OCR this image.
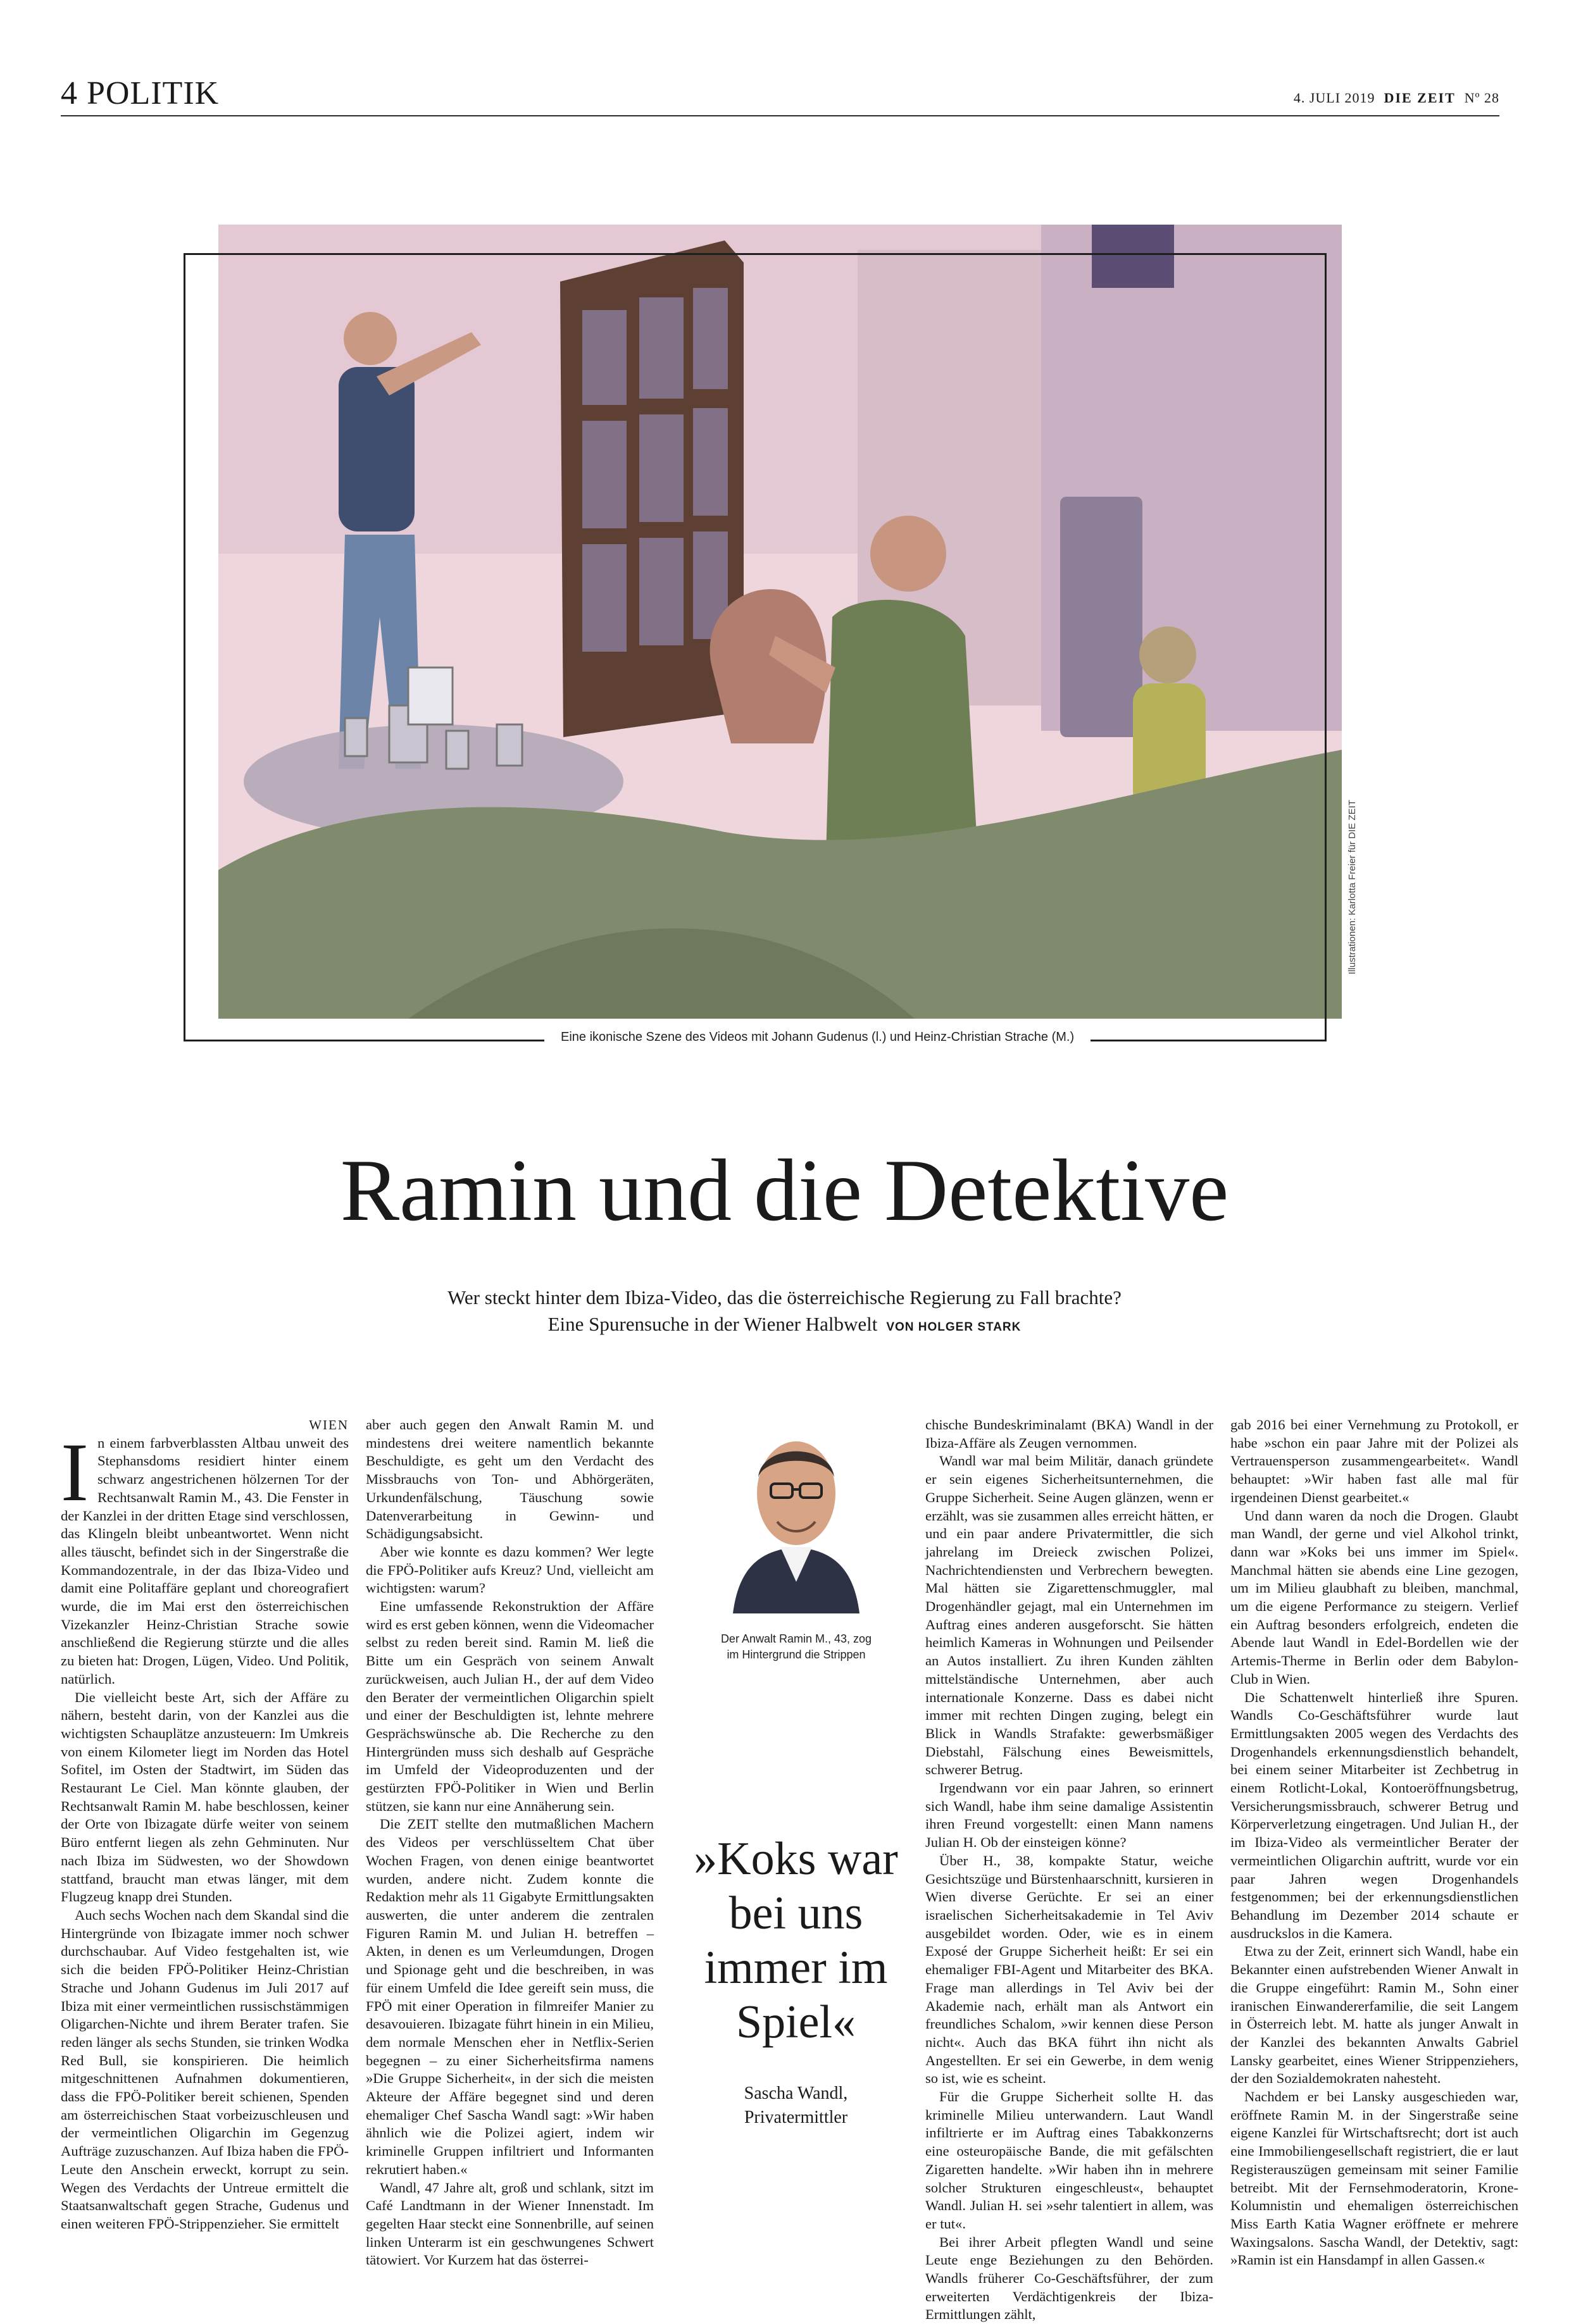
4 POLITIK	4. JULI 2019 DIE ZEIT Nº 28
Illustrationen: Karlotta Freier für DIE ZEIT
Eine ikonische Szene des Videos mit Johann Gudenus (l.) und Heinz-Christian Strache (M.)
Ramin und die Detektive
Wer steckt hinter dem Ibiza-Video, das die österreichische Regierung zu Fall brachte?
Eine Spurensuche in der Wiener Halbwelt VON HOLGER STARK
WIEN

In einem farbverblassten Altbau unweit des Stephansdoms residiert hinter einem schwarz angestrichenen hölzernen Tor der Rechtsanwalt Ramin M., 43. Die Fenster in der Kanzlei in der dritten Etage sind verschlossen, das Klingeln bleibt unbeantwortet. Wenn nicht alles täuscht, befindet sich in der Singerstraße die Kommandozentrale, in der das Ibiza-Video und damit eine Politaffäre geplant und choreografiert wurde, die im Mai erst den österreichischen Vizekanzler Heinz-Christian Strache sowie anschließend die Regierung stürzte und die alles zu bieten hat: Drogen, Lügen, Video. Und Politik, natürlich.

Die vielleicht beste Art, sich der Affäre zu nähern, besteht darin, von der Kanzlei aus die wichtigsten Schauplätze anzusteuern: Im Umkreis von einem Kilometer liegt im Norden das Hotel Sofitel, im Osten der Stadtwirt, im Süden das Restaurant Le Ciel. Man könnte glauben, der Rechtsanwalt Ramin M. habe beschlossen, keiner der Orte von Ibizagate dürfe weiter von seinem Büro entfernt liegen als zehn Gehminuten. Nur nach Ibiza im Südwesten, wo der Showdown stattfand, braucht man etwas länger, mit dem Flugzeug knapp drei Stunden.

Auch sechs Wochen nach dem Skandal sind die Hintergründe von Ibizagate immer noch schwer durchschaubar. Auf Video festgehalten ist, wie sich die beiden FPÖ-Politiker Heinz-Christian Strache und Johann Gudenus im Juli 2017 auf Ibiza mit einer vermeintlichen russischstämmigen Oligarchen-Nichte und ihrem Berater trafen. Sie reden länger als sechs Stunden, sie trinken Wodka Red Bull, sie konspirieren. Die heimlich mitgeschnittenen Aufnahmen dokumentieren, dass die FPÖ-Politiker bereit schienen, Spenden am österreichischen Staat vorbeizuschleusen und der vermeintlichen Oligarchin im Gegenzug Aufträge zuzuschanzen. Auf Ibiza haben die FPÖ-Leute den Anschein erweckt, korrupt zu sein. Wegen des Verdachts der Untreue ermittelt die Staatsanwaltschaft gegen Strache, Gudenus und einen weiteren FPÖ-Strippenzieher. Sie ermittelt

aber auch gegen den Anwalt Ramin M. und mindestens drei weitere namentlich bekannte Beschuldigte, es geht um den Verdacht des Missbrauchs von Ton- und Abhörgeräten, Urkundenfälschung, Täuschung sowie Datenverarbeitung in Gewinn- und Schädigungsabsicht.

Aber wie konnte es dazu kommen? Wer legte die FPÖ-Politiker aufs Kreuz? Und, vielleicht am wichtigsten: warum?

Eine umfassende Rekonstruktion der Affäre wird es erst geben können, wenn die Videomacher selbst zu reden bereit sind. Ramin M. ließ die Bitte um ein Gespräch von seinem Anwalt zurückweisen, auch Julian H., der auf dem Video den Berater der vermeintlichen Oligarchin spielt und einer der Beschuldigten ist, lehnte mehrere Gesprächswünsche ab. Die Recherche zu den Hintergründen muss sich deshalb auf Gespräche im Umfeld der Videoproduzenten und der gestürzten FPÖ-Politiker in Wien und Berlin stützen, sie kann nur eine Annäherung sein.

Die ZEIT stellte den mutmaßlichen Machern des Videos per verschlüsseltem Chat über Wochen Fragen, von denen einige beantwortet wurden, andere nicht. Zudem konnte die Redaktion mehr als 11 Gigabyte Ermittlungsakten auswerten, die unter anderem die zentralen Figuren Ramin M. und Julian H. betreffen – Akten, in denen es um Verleumdungen, Drogen und Spionage geht und die beschreiben, in was für einem Umfeld die Idee gereift sein muss, die FPÖ mit einer Operation in filmreifer Manier zu desavouieren. Ibizagate führt hinein in ein Milieu, dem normale Menschen eher in Netflix-Serien begegnen – zu einer Sicherheitsfirma namens »Die Gruppe Sicherheit«, in der sich die meisten Akteure der Affäre begegnet sind und deren ehemaliger Chef Sascha Wandl sagt: »Wir haben ähnlich wie die Polizei agiert, indem wir kriminelle Gruppen infiltriert und Informanten rekrutiert haben.«

Wandl, 47 Jahre alt, groß und schlank, sitzt im Café Landtmann in der Wiener Innenstadt. Im gegelten Haar steckt eine Sonnenbrille, auf seinen linken Unterarm ist ein geschwungenes Schwert tätowiert. Vor Kurzem hat das österrei-

Der Anwalt Ramin M., 43, zog im Hintergrund die Strippen
»Koks war bei uns immer im Spiel«
Sascha Wandl,
Privatermittler

chische Bundeskriminalamt (BKA) Wandl in der Ibiza-Affäre als Zeugen vernommen.

Wandl war mal beim Militär, danach gründete er sein eigenes Sicherheitsunternehmen, die Gruppe Sicherheit. Seine Augen glänzen, wenn er erzählt, was sie zusammen alles erreicht hätten, er und ein paar andere Privatermittler, die sich jahrelang im Dreieck zwischen Polizei, Nachrichtendiensten und Verbrechern bewegten. Mal hätten sie Zigarettenschmuggler, mal Drogenhändler gejagt, mal ein Unternehmen im Auftrag eines anderen ausgeforscht. Sie hätten heimlich Kameras in Wohnungen und Peilsender an Autos installiert. Zu ihren Kunden zählten mittelständische Unternehmen, aber auch internationale Konzerne. Dass es dabei nicht immer mit rechten Dingen zuging, belegt ein Blick in Wandls Strafakte: gewerbsmäßiger Diebstahl, Fälschung eines Beweismittels, schwerer Betrug.

Irgendwann vor ein paar Jahren, so erinnert sich Wandl, habe ihm seine damalige Assistentin ihren Freund vorgestellt: einen Mann namens Julian H. Ob der einsteigen könne?

Über H., 38, kompakte Statur, weiche Gesichtszüge und Bürstenhaarschnitt, kursieren in Wien diverse Gerüchte. Er sei an einer israelischen Sicherheitsakademie in Tel Aviv ausgebildet worden. Oder, wie es in einem Exposé der Gruppe Sicherheit heißt: Er sei ein ehemaliger FBI-Agent und Mitarbeiter des BKA. Frage man allerdings in Tel Aviv bei der Akademie nach, erhält man als Antwort ein freundliches Schalom, »wir kennen diese Person nicht«. Auch das BKA führt ihn nicht als Angestellten. Er sei ein Gewerbe, in dem wenig so ist, wie es scheint.

Für die Gruppe Sicherheit sollte H. das kriminelle Milieu unterwandern. Laut Wandl infiltrierte er im Auftrag eines Tabakkonzerns eine osteuropäische Bande, die mit gefälschten Zigaretten handelte. »Wir haben ihn in mehrere solcher Strukturen eingeschleust«, behauptet Wandl. Julian H. sei »sehr talentiert in allem, was er tut«.

Bei ihrer Arbeit pflegten Wandl und seine Leute enge Beziehungen zu den Behörden. Wandls früherer Co-Geschäftsführer, der zum erweiterten Verdächtigenkreis der Ibiza-Ermittlungen zählt,

gab 2016 bei einer Vernehmung zu Protokoll, er habe »schon ein paar Jahre mit der Polizei als Vertrauensperson zusammengearbeitet«. Wandl behauptet: »Wir haben fast alle mal für irgendeinen Dienst gearbeitet.«

Und dann waren da noch die Drogen. Glaubt man Wandl, der gerne und viel Alkohol trinkt, dann war »Koks bei uns immer im Spiel«. Manchmal hätten sie abends eine Line gezogen, um im Milieu glaubhaft zu bleiben, manchmal, um die eigene Performance zu steigern. Verlief ein Auftrag besonders erfolgreich, endeten die Abende laut Wandl in Edel-Bordellen wie der Artemis-Therme in Berlin oder dem Babylon-Club in Wien.

Die Schattenwelt hinterließ ihre Spuren. Wandls Co-Geschäftsführer wurde laut Ermittlungsakten 2005 wegen des Verdachts des Drogenhandels erkennungsdienstlich behandelt, bei einem seiner Mitarbeiter ist Zechbetrug in einem Rotlicht-Lokal, Kontoeröffnungsbetrug, Versicherungsmissbrauch, schwerer Betrug und Körperverletzung eingetragen. Und Julian H., der im Ibiza-Video als vermeintlicher Berater der vermeintlichen Oligarchin auftritt, wurde vor ein paar Jahren wegen Drogenhandels festgenommen; bei der erkennungsdienstlichen Behandlung im Dezember 2014 schaute er ausdruckslos in die Kamera.

Etwa zu der Zeit, erinnert sich Wandl, habe ein Bekannter einen aufstrebenden Wiener Anwalt in die Gruppe eingeführt: Ramin M., Sohn einer iranischen Einwandererfamilie, die seit Langem in Österreich lebt. M. hatte als junger Anwalt in der Kanzlei des bekannten Anwalts Gabriel Lansky gearbeitet, eines Wiener Strippenziehers, der den Sozialdemokraten nahesteht.

Nachdem er bei Lansky ausgeschieden war, eröffnete Ramin M. in der Singerstraße seine eigene Kanzlei für Wirtschaftsrecht; dort ist auch eine Immobiliengesellschaft registriert, die er laut Registerauszügen gemeinsam mit seiner Familie betreibt. Mit der Fernsehmoderatorin, Krone-Kolumnistin und ehemaligen österreichischen Miss Earth Katia Wagner eröffnete er mehrere Waxingsalons. Sascha Wandl, der Detektiv, sagt: »Ramin ist ein Hansdampf in allen Gassen.«
